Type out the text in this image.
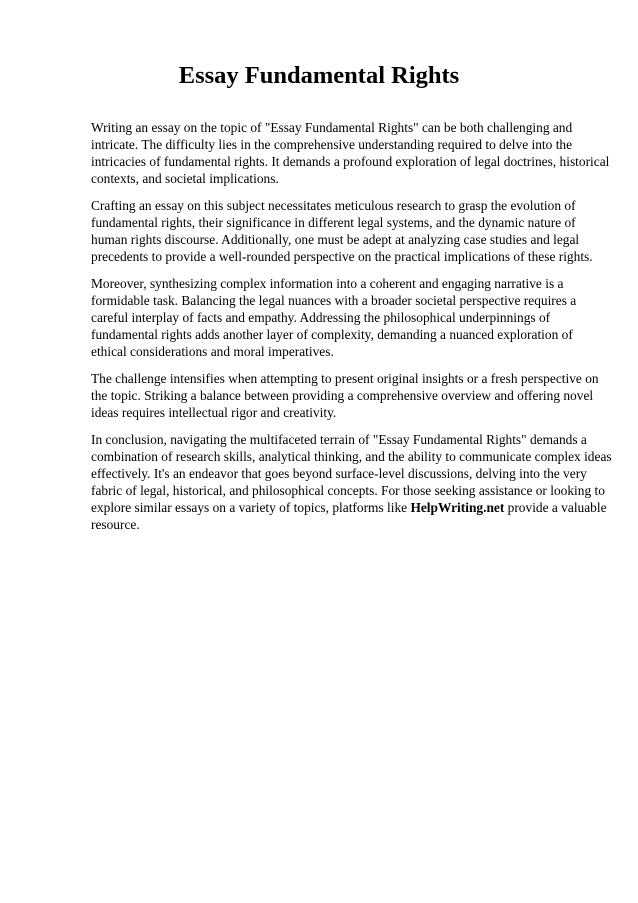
Essay Fundamental Rights

Writing an essay on the topic of "Essay Fundamental Rights" can be both challenging and
intricate. The difficulty lies in the comprehensive understanding required to delve into the
intricacies of fundamental rights. It demands a profound exploration of legal doctrines, historical
contexts, and societal implications.

Crafting an essay on this subject necessitates meticulous research to grasp the evolution of
fundamental rights, their significance in different legal systems, and the dynamic nature of
human rights discourse. Additionally, one must be adept at analyzing case studies and legal
precedents to provide a well-rounded perspective on the practical implications of these rights.

Moreover, synthesizing complex information into a coherent and engaging narrative is a
formidable task. Balancing the legal nuances with a broader societal perspective requires a
careful interplay of facts and empathy. Addressing the philosophical underpinnings of
fundamental rights adds another layer of complexity, demanding a nuanced exploration of
ethical considerations and moral imperatives.

The challenge intensifies when attempting to present original insights or a fresh perspective on
the topic. Striking a balance between providing a comprehensive overview and offering novel
ideas requires intellectual rigor and creativity.

In conclusion, navigating the multifaceted terrain of "Essay Fundamental Rights" demands a
combination of research skills, analytical thinking, and the ability to communicate complex ideas
effectively. It's an endeavor that goes beyond surface-level discussions, delving into the very
fabric of legal, historical, and philosophical concepts. For those seeking assistance or looking to
explore similar essays on a variety of topics, platforms like HelpWriting.net provide a valuable
resource.
